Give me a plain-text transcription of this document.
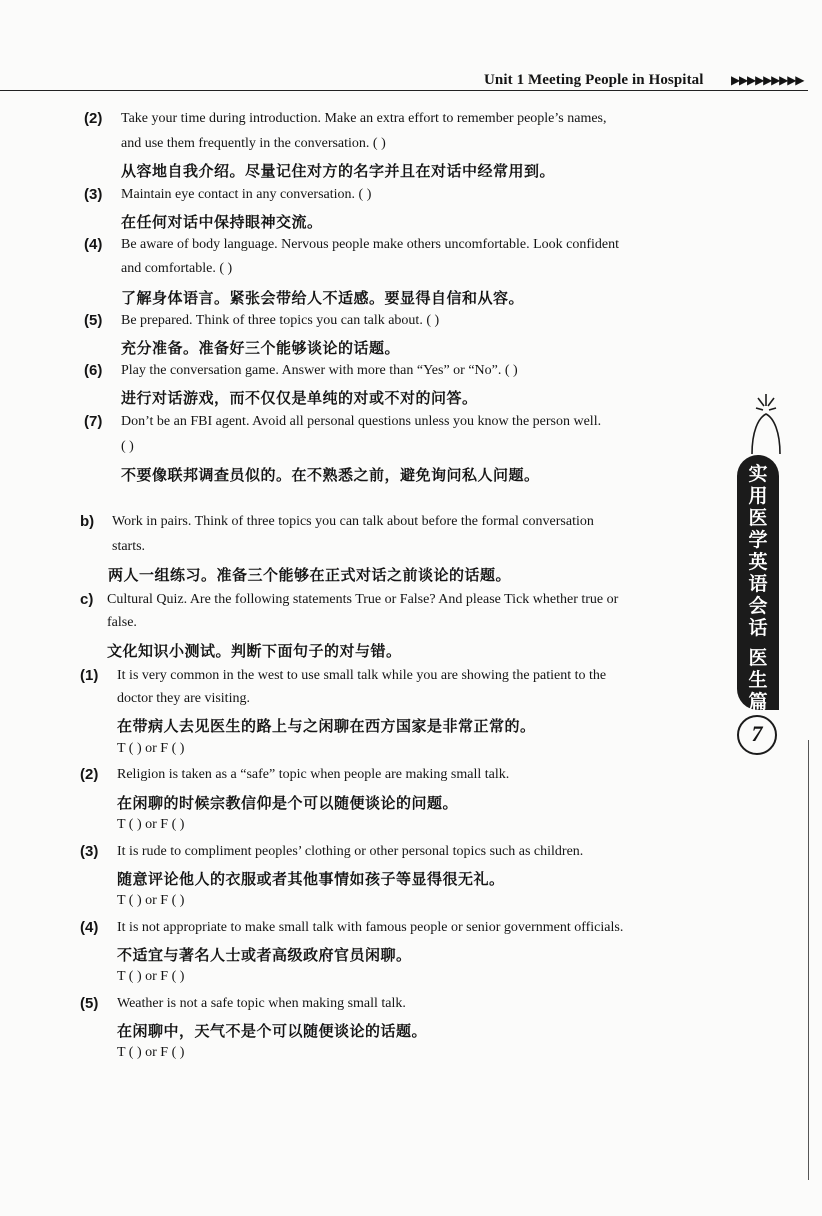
Unit 1 Meeting People in Hospital ▶▶▶▶▶▶▶▶▶
(2) Take your time during introduction. Make an extra effort to remember people’s names,
and use them frequently in the conversation. ( )
从容地自我介绍。尽量记住对方的名字并且在对话中经常用到。
(3) Maintain eye contact in any conversation. ( )
在任何对话中保持眼神交流。
(4) Be aware of body language. Nervous people make others uncomfortable. Look confident
and comfortable. ( )
了解身体语言。紧张会带给人不适感。要显得自信和从容。
(5) Be prepared. Think of three topics you can talk about. ( )
充分准备。准备好三个能够谈论的话题。
(6) Play the conversation game. Answer with more than “Yes” or “No”. ( )
进行对话游戏，而不仅仅是单纯的对或不对的问答。
(7) Don’t be an FBI agent. Avoid all personal questions unless you know the person well.
( )
不要像联邦调查员似的。在不熟悉之前，避免询问私人问题。
b) Work in pairs. Think of three topics you can talk about before the formal conversation
starts.
两人一组练习。准备三个能够在正式对话之前谈论的话题。
c) Cultural Quiz. Are the following statements True or False? And please Tick whether true or
false.
文化知识小测试。判断下面句子的对与错。
(1) It is very common in the west to use small talk while you are showing the patient to the
doctor they are visiting.
在带病人去见医生的路上与之闲聊在西方国家是非常正常的。
T ( ) or F ( )
(2) Religion is taken as a “safe” topic when people are making small talk.
在闲聊的时候宗教信仰是个可以随便谈论的问题。
T ( ) or F ( )
(3) It is rude to compliment peoples’ clothing or other personal topics such as children.
随意评论他人的衣服或者其他事情如孩子等显得很无礼。
T ( ) or F ( )
(4) It is not appropriate to make small talk with famous people or senior government officials.
不适宜与著名人士或者高级政府官员闲聊。
T ( ) or F ( )
(5) Weather is not a safe topic when making small talk.
在闲聊中，天气不是个可以随便谈论的话题。
T ( ) or F ( )
实
用
医
学
英
语
会
话
医
生
篇
7
